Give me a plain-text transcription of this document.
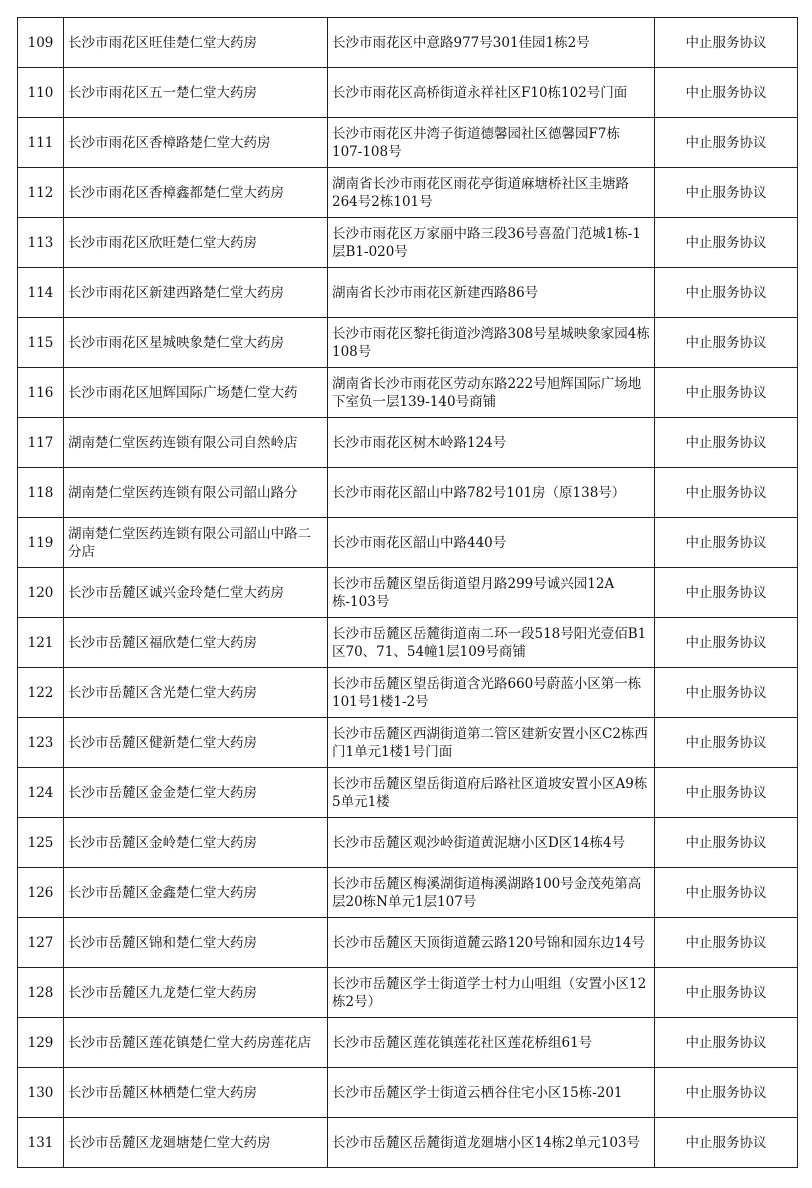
109	长沙市雨花区旺佳楚仁堂大药房	长沙市雨花区中意路977号301佳园1栋2号	中止服务协议
110	长沙市雨花区五一楚仁堂大药房	长沙市雨花区高桥街道永祥社区F10栋102号门面	中止服务协议
111	长沙市雨花区香樟路楚仁堂大药房	长沙市雨花区井湾子街道德馨园社区德馨园F7栋107-108号	中止服务协议
112	长沙市雨花区香樟鑫都楚仁堂大药房	湖南省长沙市雨花区雨花亭街道麻塘桥社区圭塘路264号2栋101号	中止服务协议
113	长沙市雨花区欣旺楚仁堂大药房	长沙市雨花区万家丽中路三段36号喜盈门范城1栋-1层B1-020号	中止服务协议
114	长沙市雨花区新建西路楚仁堂大药房	湖南省长沙市雨花区新建西路86号	中止服务协议
115	长沙市雨花区星城映象楚仁堂大药房	长沙市雨花区黎托街道沙湾路308号星城映象家园4栋108号	中止服务协议
116	长沙市雨花区旭辉国际广场楚仁堂大药	湖南省长沙市雨花区劳动东路222号旭辉国际广场地下室负一层139-140号商铺	中止服务协议
117	湖南楚仁堂医药连锁有限公司自然岭店	长沙市雨花区树木岭路124号	中止服务协议
118	湖南楚仁堂医药连锁有限公司韶山路分	长沙市雨花区韶山中路782号101房（原138号）	中止服务协议
119	湖南楚仁堂医药连锁有限公司韶山中路二分店	长沙市雨花区韶山中路440号	中止服务协议
120	长沙市岳麓区诚兴金玲楚仁堂大药房	长沙市岳麓区望岳街道望月路299号诚兴园12A栋-103号	中止服务协议
121	长沙市岳麓区福欣楚仁堂大药房	长沙市岳麓区岳麓街道南二环一段518号阳光壹佰B1区70、71、54幢1层109号商铺	中止服务协议
122	长沙市岳麓区含光楚仁堂大药房	长沙市岳麓区望岳街道含光路660号蔚蓝小区第一栋101号1楼1-2号	中止服务协议
123	长沙市岳麓区健新楚仁堂大药房	长沙市岳麓区西湖街道第二管区建新安置小区C2栋西门1单元1楼1号门面	中止服务协议
124	长沙市岳麓区金金楚仁堂大药房	长沙市岳麓区望岳街道府后路社区道坡安置小区A9栋5单元1楼	中止服务协议
125	长沙市岳麓区金岭楚仁堂大药房	长沙市岳麓区观沙岭街道黄泥塘小区D区14栋4号	中止服务协议
126	长沙市岳麓区金鑫楚仁堂大药房	长沙市岳麓区梅溪湖街道梅溪湖路100号金茂苑第高层20栋N单元1层107号	中止服务协议
127	长沙市岳麓区锦和楚仁堂大药房	长沙市岳麓区天顶街道麓云路120号锦和园东边14号	中止服务协议
128	长沙市岳麓区九龙楚仁堂大药房	长沙市岳麓区学士街道学士村力山咀组（安置小区12栋2号）	中止服务协议
129	长沙市岳麓区莲花镇楚仁堂大药房莲花店	长沙市岳麓区莲花镇莲花社区莲花桥组61号	中止服务协议
130	长沙市岳麓区林栖楚仁堂大药房	长沙市岳麓区学士街道云栖谷住宅小区15栋-201	中止服务协议
131	长沙市岳麓区龙廻塘楚仁堂大药房	长沙市岳麓区岳麓街道龙廻塘小区14栋2单元103号	中止服务协议
